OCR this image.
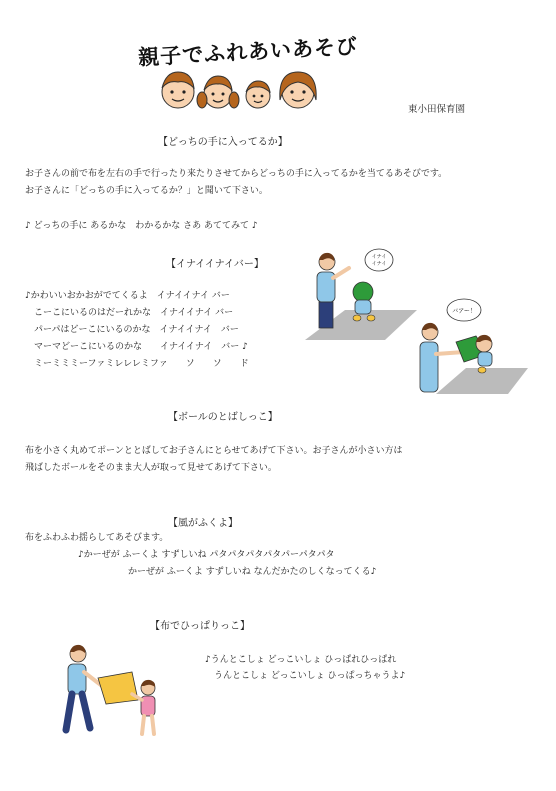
親子でふれあいあそび
東小田保育園
【どっちの手に入ってるか】
お子さんの前で布を左右の手で行ったり来たりさせてからどっちの手に入ってるかを当てるあそびです。
お子さんに「どっちの手に入ってるか？」と聞いて下さい。
♪ どっちの手に あるかな　わかるかな さあ あててみて ♪
【イナイイナイバー】
♪かわいいおかおがでてくるよ　イナイイナイ バー
　こーこにいるのはだーれかな　イナイイナイ バー
　パーパはどーこにいるのかな　イナイイナイ　バー
　マーマどーこにいるのかな　　イナイイナイ　バー ♪
　ミーミミミーファミレレレミファ　　ソ　　ソ　　ド
イナイ
イナイ
バアー！
【ボールのとばしっこ】
布を小さく丸めてポーンととばしてお子さんにとらせてあげて下さい。お子さんが小さい方は
飛ばしたボールをそのまま大人が取って見せてあげて下さい。
【風がふくよ】
布をふわふわ揺らしてあそびます。
♪かーぜが ふーくよ すずしいね パタパタパタパタパーパタパタ
かーぜが ふーくよ すずしいね なんだかたのしくなってくる♪
【布でひっぱりっこ】
♪うんとこしょ どっこいしょ ひっぱれひっぱれ
　うんとこしょ どっこいしょ ひっぱっちゃうよ♪
